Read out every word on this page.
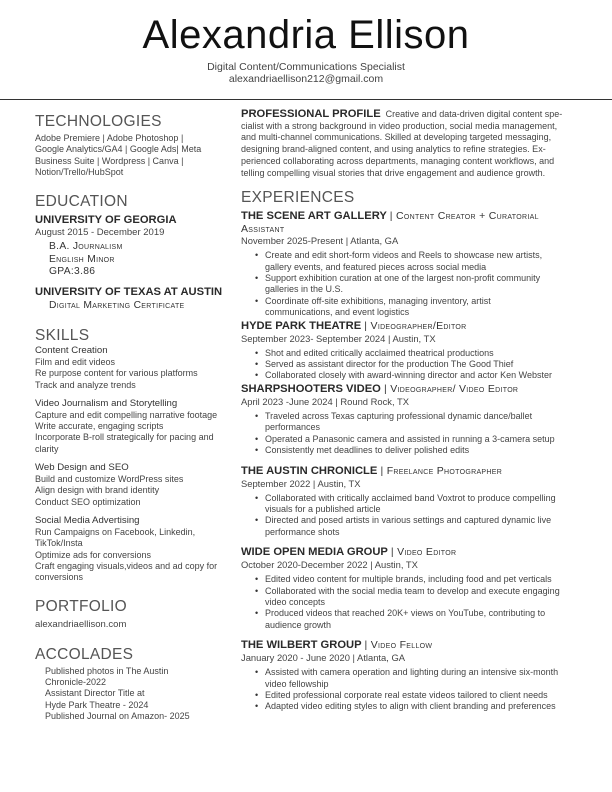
Alexandria Ellison
Digital Content/Communications Specialist
alexandriaellison212@gmail.com
TECHNOLOGIES
Adobe Premiere | Adobe Photoshop |
Google Analytics/GA4 | Google Ads| Meta
Business Suite | Wordpress | Canva |
Notion/Trello/HubSpot
EDUCATION
UNIVERSITY OF GEORGIA
August 2015 - December 2019
B.A. Journalism
English Minor
GPA:3.86
UNIVERSITY OF TEXAS AT AUSTIN
Digital Marketing Certificate
SKILLS
Content Creation
Film and edit videos
Re purpose content for various platforms
Track and analyze trends
Video Journalism and Storytelling
Capture and edit compelling narrative footage
Write accurate, engaging scripts
Incorporate B-roll strategically for pacing and
clarity
Web Design and SEO
Build and customize WordPress sites
Align design with brand identity
Conduct SEO optimization
Social Media Advertising
Run Campaigns on Facebook, Linkedin,
TikTok/Insta
Optimize ads for conversions
Craft engaging visuals,videos and ad copy for
conversions
PORTFOLIO
alexandriaellison.com
ACCOLADES
Published photos in The Austin
Chronicle-2022
Assistant Director Title at
Hyde Park Theatre - 2024
Published Journal on Amazon- 2025
PROFESSIONAL PROFILE Creative and data-driven digital content spe-
cialist with a strong background in video production, social media management,
and multi-channel communications. Skilled at developing targeted messaging,
designing brand-aligned content, and using analytics to refine strategies. Ex-
perienced collaborating across departments, managing content workflows, and
telling compelling visual stories that drive engagement and audience growth.
EXPERIENCES
THE SCENE ART GALLERY | Content Creator + Curatorial
Assistant
November 2025-Present | Atlanta, GA
• Create and edit short-form videos and Reels to showcase new artists,
gallery events, and featured pieces across social media
• Support exhibition curation at one of the largest non-profit community
galleries in the U.S.
• Coordinate off-site exhibitions, managing inventory, artist
communications, and event logistics
HYDE PARK THEATRE | Videographer/Editor
September 2023- September 2024 | Austin, TX
• Shot and edited critically acclaimed theatrical productions
• Served as assistant director for the production The Good Thief
• Collaborated closely with award-winning director and actor Ken Webster
SHARPSHOOTERS VIDEO | Videographer/ Video Editor
April 2023 -June 2024 | Round Rock, TX
• Traveled across Texas capturing professional dynamic dance/ballet performances
• Operated a Panasonic camera and assisted in running a 3-camera setup
• Consistently met deadlines to deliver polished edits
THE AUSTIN CHRONICLE | Freelance Photographer
September 2022 | Austin, TX
• Collaborated with critically acclaimed band Voxtrot to produce compelling
visuals for a published article
• Directed and posed artists in various settings and captured dynamic live
performance shots
WIDE OPEN MEDIA GROUP | Video Editor
October 2020-December 2022 | Austin, TX
• Edited video content for multiple brands, including food and pet verticals
• Collaborated with the social media team to develop and execute engaging
video concepts
• Produced videos that reached 20K+ views on YouTube, contributing to
audience growth
THE WILBERT GROUP | Video Fellow
January 2020 - June 2020 | Atlanta, GA
• Assisted with camera operation and lighting during an intensive six-month
video fellowship
• Edited professional corporate real estate videos tailored to client needs
• Adapted video editing styles to align with client branding and preferences
